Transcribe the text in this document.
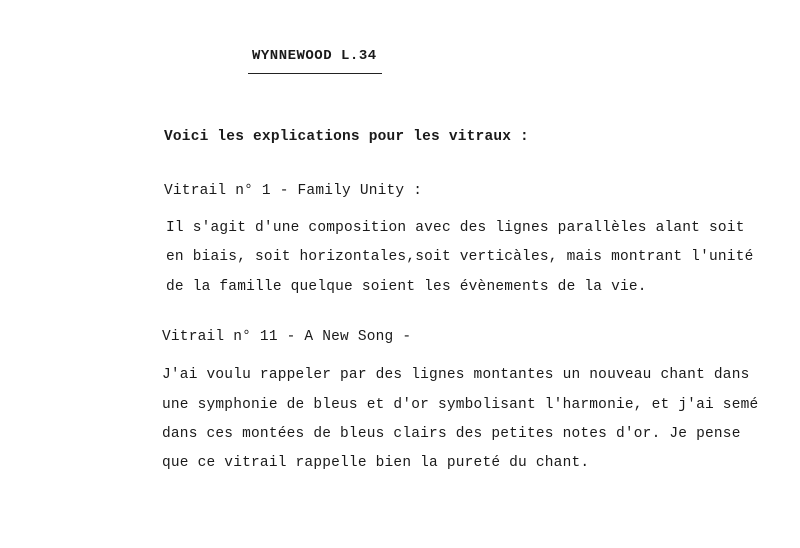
WYNNEWOOD L.34
Voici les explications pour les vitraux :
Vitrail n° 1 - Family Unity :
Il s'agit d'une composition avec des lignes parallèles alant soit
en biais, soit horizontales,soit verticàles, mais montrant l'unité
de la famille quelque soient les évènements de la vie.
Vitrail n° 11 - A New Song -
J'ai voulu rappeler par des lignes montantes un nouveau chant dans
une symphonie de bleus et d'or symbolisant l'harmonie, et j'ai semé
dans ces montées de bleus clairs des petites notes d'or. Je pense
que ce vitrail rappelle bien la pureté du chant.
